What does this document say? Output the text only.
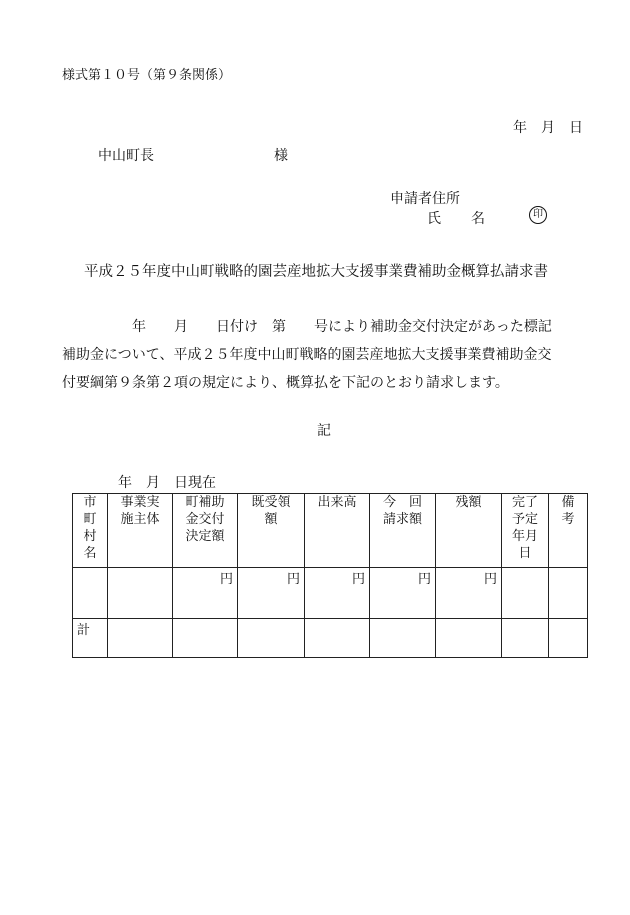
様式第１０号（第９条関係）
年　月　日
中山町長	様
申請者住所
氏　名	印
平成２５年度中山町戦略的園芸産地拡大支援事業費補助金概算払請求書
　　　　　年　　月　　日付け　第　　号により補助金交付決定があった標記
補助金について、平成２５年度中山町戦略的園芸産地拡大支援事業費補助金交
付要綱第９条第２項の規定により、概算払を下記のとおり請求します。
記
年　月　日現在
市町村名	事業実施主体	町補助金交付決定額	既受領額	出来高	今　回請求額	残額	完了予定年月日	備考
		円	円	円	円	円		
計								
